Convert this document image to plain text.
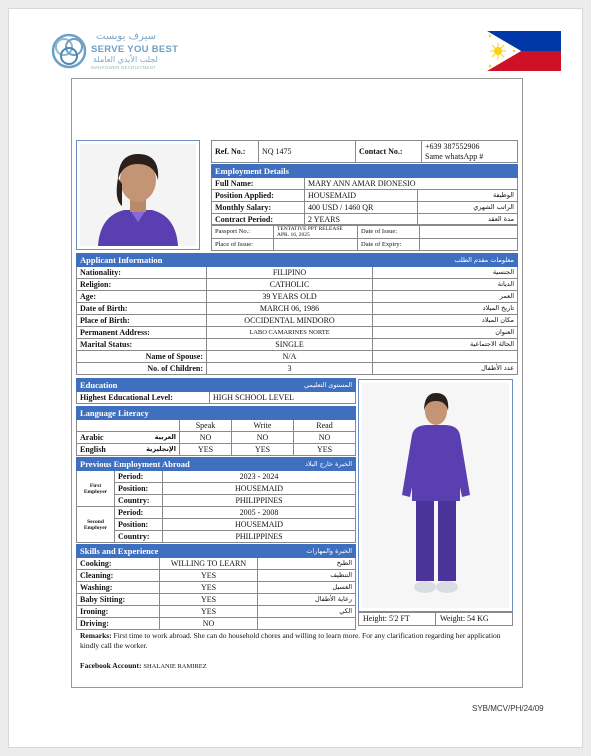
سيرف يوبست
SERVE YOU BEST
لجلب الأيدي العاملة
MANPOWER RECRUITMENT
Ref. No.:	NQ 1475	Contact No.:	
+639 387552906
Same whatsApp #
Employment Details		
Full Name:	MARY ANN AMAR DIONESIO	
Position Applied:	HOUSEMAID	الوظيفة
Monthly Salary:	400 USD / 1460 QR	الراتب الشهري
Contract Period:	2 YEARS	مدة العقد
Passport No.:	TENTATIVE PPT RELEASE APR. 16, 2025	Date of Issue:	
Place of Issue:		Date of Expiry:	
Applicant Information معلومات مقدم الطلب		

Nationality:	FILIPINO	الجنسية
Religion:	CATHOLIC	الديانة
Age:	39 YEARS OLD	العمر
Date of Birth:	MARCH 06, 1986	تاريخ الميلاد
Place of Birth:	OCCIDENTAL MINDORO	مكان الميلاد
Permanent Address:	LABO CAMARINES NORTE	العنوان
Marital Status:	SINGLE	الحالة الاجتماعية
Name of Spouse:	N/A	
No. of Children:	3	عدد الأطفال
Education	المستوى التعليمي

Highest Educational Level:	HIGH SCHOOL LEVEL
Language Literacy			
	Speak	Write	Read
Arabic العربية	NO	NO	NO
English الإنجليزية	YES	YES	YES
Previous Employment Abroad الخبرة خارج البلاد		

First Employer	Period:	2023 - 2024
	Position:	HOUSEMAID
	Country:	PHILIPPINES
Second Employer	Period:	2005 - 2008
	Position:	HOUSEMAID
	Country:	PHILIPPINES
Skills and Experience الخبرة والمهارات		

Cooking:	WILLING TO LEARN	الطبخ
Cleaning:	YES	التنظيف
Washing:	YES	الغسيل
Baby Sitting:	YES	رعاية الأطفال
Ironing:	YES	الكي
Driving:	NO	
Height: 5'2 FT	Weight: 54 KG
Remarks: First time to work abroad. She can do household chores and willing to learn more. For any clarification regarding her application kindly call the worker.
Facebook Account: SHALANIE RAMIREZ
SYB/MCV/PH/24/09
